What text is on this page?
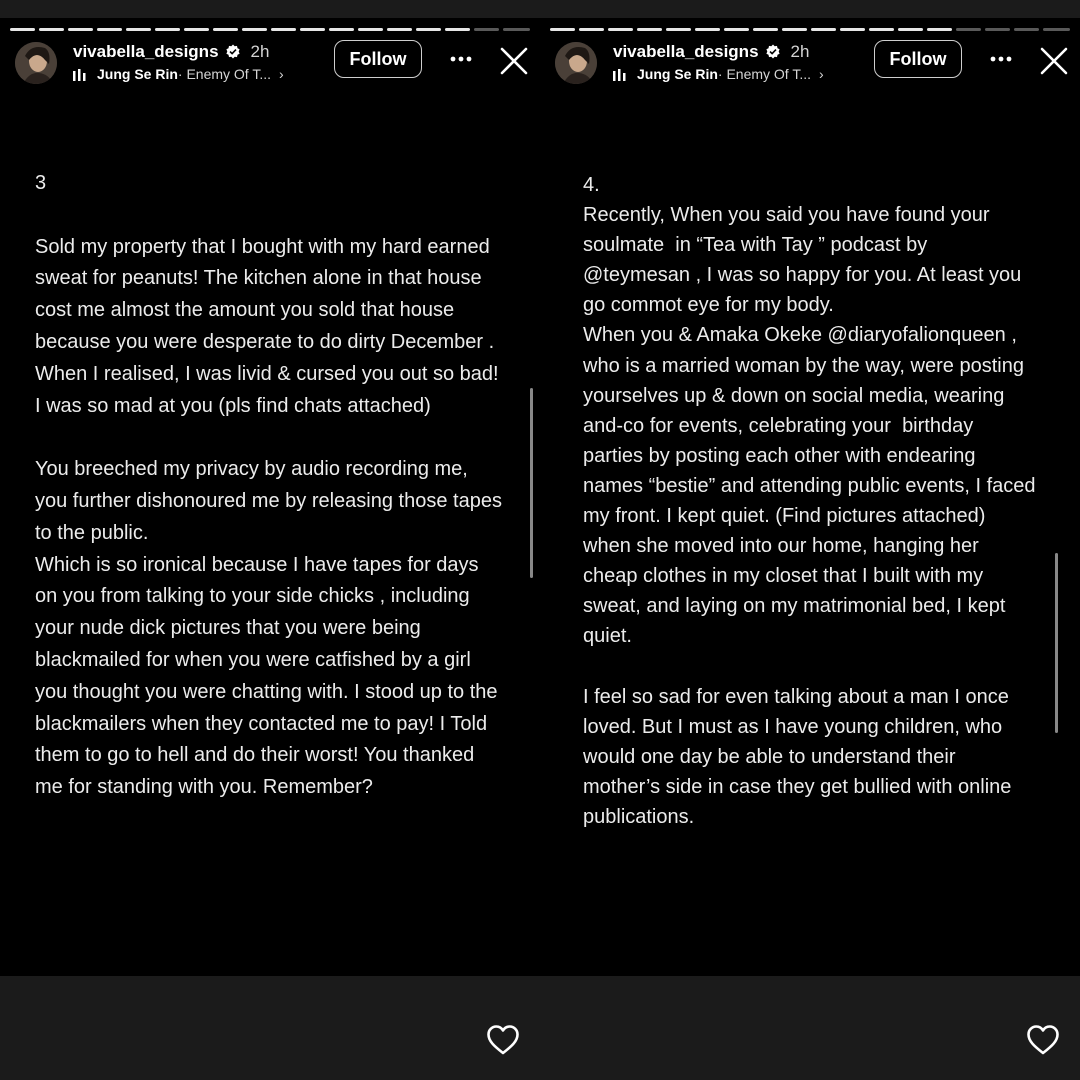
vivabella_designs 2h
Jung Se Rin · Enemy Of T... ›
Follow

3

Sold my property that I bought with my hard earned sweat for peanuts! The kitchen alone in that house cost me almost the amount you sold that house because you were desperate to do dirty December . When I realised, I was livid & cursed you out so bad! I was so mad at you (pls find chats attached)

You breeched my privacy by audio recording me, you further dishonoured me by releasing those tapes to the public.
Which is so ironical because I have tapes for days on you from talking to your side chicks , including your nude dick pictures that you were being blackmailed for when you were catfished by a girl you thought you were chatting with. I stood up to the blackmailers when they contacted me to pay! I Told them to go to hell and do their worst! You thanked me for standing with you. Remember?

vivabella_designs 2h
Jung Se Rin · Enemy Of T... ›
Follow

4.
Recently, When you said you have found your soulmate  in “Tea with Tay ” podcast by @teymesan , I was so happy for you. At least you go commot eye for my body.
When you & Amaka Okeke @diaryofalionqueen , who is a married woman by the way, were posting yourselves up & down on social media, wearing and-co for events, celebrating your  birthday parties by posting each other with endearing names “bestie” and attending public events, I faced my front. I kept quiet. (Find pictures attached) when she moved into our home, hanging her cheap clothes in my closet that I built with my sweat, and laying on my matrimonial bed, I kept quiet.

I feel so sad for even talking about a man I once loved. But I must as I have young children, who would one day be able to understand their mother’s side in case they get bullied with online publications.
